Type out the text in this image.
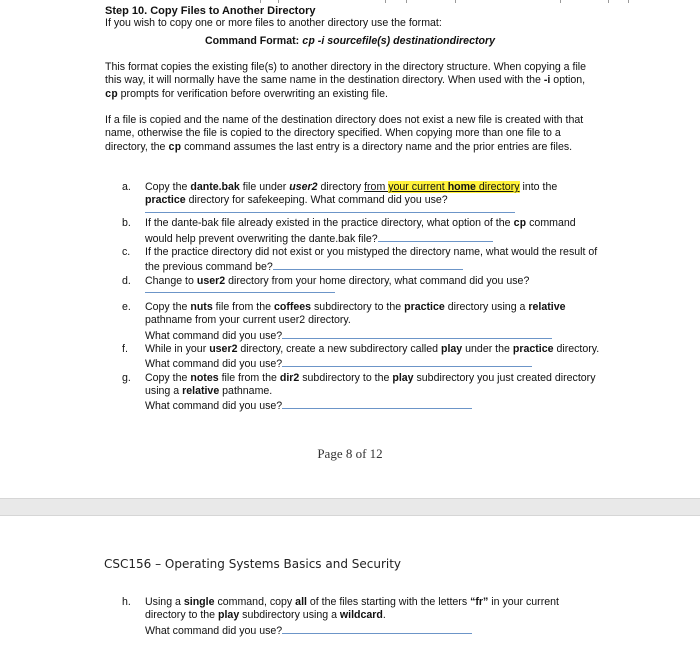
Step 10. Copy Files to Another Directory
If you wish to copy one or more files to another directory use the format:
Command Format: cp -i sourcefile(s) destinationdirectory
This format copies the existing file(s) to another directory in the directory structure. When copying a file this way, it will normally have the same name in the destination directory. When used with the -i option, cp prompts for verification before overwriting an existing file.
If a file is copied and the name of the destination directory does not exist a new file is created with that name, otherwise the file is copied to the directory specified. When copying more than one file to a directory, the cp command assumes the last entry is a directory name and the prior entries are files.
a. Copy the dante.bak file under user2 directory from your current home directory into the practice directory for safekeeping. What command did you use?
b. If the dante-bak file already existed in the practice directory, what option of the cp command would help prevent overwriting the dante.bak file?
c. If the practice directory did not exist or you mistyped the directory name, what would the result of the previous command be?
d. Change to user2 directory from your home directory, what command did you use?
e. Copy the nuts file from the coffees subdirectory to the practice directory using a relative pathname from your current user2 directory.
What command did you use?
f. While in your user2 directory, create a new subdirectory called play under the practice directory. What command did you use?
g. Copy the notes file from the dir2 subdirectory to the play subdirectory you just created directory using a relative pathname.
What command did you use?
Page 8 of 12
CSC156 – Operating Systems Basics and Security
h. Using a single command, copy all of the files starting with the letters “fr” in your current directory to the play subdirectory using a wildcard.
What command did you use?
